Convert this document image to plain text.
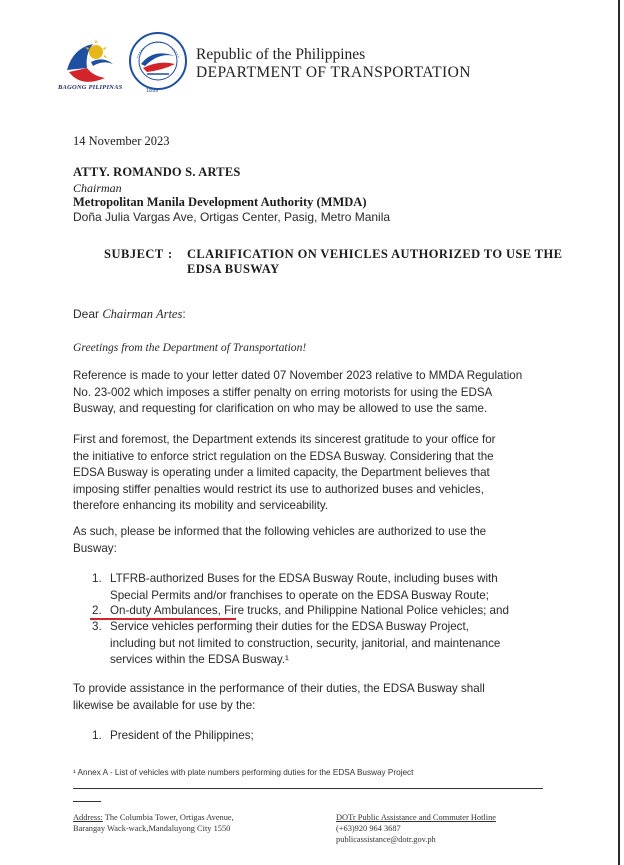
BAGONG PILIPINAS	1899
Republic of the Philippines
DEPARTMENT OF TRANSPORTATION
14 November 2023
ATTY. ROMANDO S. ARTES
Chairman
Metropolitan Manila Development Authority (MMDA)
Doña Julia Vargas Ave, Ortigas Center, Pasig, Metro Manila
SUBJECT : CLARIFICATION ON VEHICLES AUTHORIZED TO USE THE
EDSA BUSWAY
Dear Chairman Artes:
Greetings from the Department of Transportation!
Reference is made to your letter dated 07 November 2023 relative to MMDA Regulation
No. 23-002 which imposes a stiffer penalty on erring motorists for using the EDSA
Busway, and requesting for clarification on who may be allowed to use the same.
First and foremost, the Department extends its sincerest gratitude to your office for
the initiative to enforce strict regulation on the EDSA Busway. Considering that the
EDSA Busway is operating under a limited capacity, the Department believes that
imposing stiffer penalties would restrict its use to authorized buses and vehicles,
therefore enhancing its mobility and serviceability.
As such, please be informed that the following vehicles are authorized to use the
Busway:
1. LTFRB-authorized Buses for the EDSA Busway Route, including buses with
Special Permits and/or franchises to operate on the EDSA Busway Route;
2. On-duty Ambulances, Fire trucks, and Philippine National Police vehicles; and
3. Service vehicles performing their duties for the EDSA Busway Project,
including but not limited to construction, security, janitorial, and maintenance
services within the EDSA Busway.¹
To provide assistance in the performance of their duties, the EDSA Busway shall
likewise be available for use by the:
1. President of the Philippines;
¹ Annex A - List of vehicles with plate numbers performing duties for the EDSA Busway Project
Address: The Columbia Tower, Ortigas Avenue,
Barangay Wack-wack,Mandaluyong City 1550
DOTr Public Assistance and Commuter Hotline
(+63)920 964 3687
publicassistance@dotr.gov.ph
